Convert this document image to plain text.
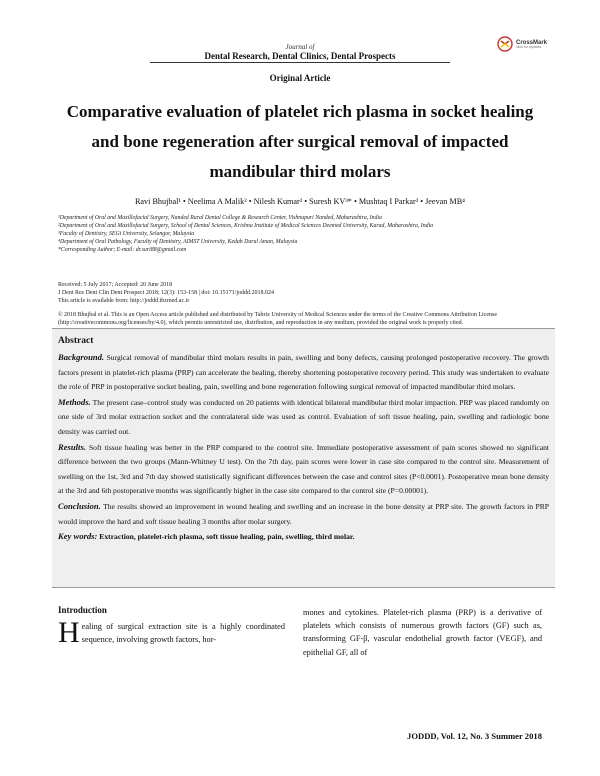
Journal of
Dental Research, Dental Clinics, Dental Prospects
CrossMark
click for updates
Original Article
Comparative evaluation of platelet rich plasma in socket healing
and bone regeneration after surgical removal of impacted
mandibular third molars
Ravi Bhujbal¹ • Neelima A Malik² • Nilesh Kumar² • Suresh KV³* • Mushtaq I Parkar³ • Jeevan MB⁴
¹Department of Oral and Maxillofacial Surgery, Nanded Rural Dental College & Research Center, Vishnupuri Nanded, Maharashtra, India
²Department of Oral and Maxillofacial Surgery, School of Dental Sciences, Krishna Institute of Medical Sciences Deemed University, Karad, Maharashtra, India
³Faculty of Dentistry, SEGi University, Selangor, Malaysia
⁴Department of Oral Pathology, Faculty of Dentistry, AIMST University, Kedah Darul Aman, Malaysia
*Corresponding Author; E-mail: dr.suri88@gmail.com
Received: 5 July 2017; Accepted: 20 June 2018
J Dent Res Dent Clin Dent Prospect 2018; 12(3): 153-158 | doi: 10.15171/joddd.2018.024
This article is available from: http://joddd.tbzmed.ac.ir
© 2018 Bhujbal et al. This is an Open Access article published and distributed by Tabriz University of Medical Sciences under the terms of the Creative Commons Attribution License (http://creativecommons.org/licenses/by/4.0), which permits unrestricted use, distribution, and reproduction in any medium, provided the original work is properly cited.
Abstract

Background. Surgical removal of mandibular third molars results in pain, swelling and bony defects, causing prolonged postoperative recovery. The growth factors present in platelet-rich plasma (PRP) can accelerate the healing, thereby shortening postoperative recovery period. This study was undertaken to evaluate the role of PRP in postoperative socket healing, pain, swelling and bone regeneration following surgical removal of impacted mandibular third molars.

Methods. The present case–control study was conducted on 20 patients with identical bilateral mandibular third molar impaction. PRP was placed randomly on one side of 3rd molar extraction socket and the contralateral side was used as control. Evaluation of soft tissue healing, pain, swelling and radiologic bone density was carried out.

Results. Soft tissue healing was better in the PRP compared to the control site. Immediate postoperative assessment of pain scores showed no significant difference between the two groups (Mann-Whitney U test). On the 7th day, pain scores were lower in case site compared to the control site. Measurement of swelling on the 1st, 3rd and 7th day showed statistically significant differences between the case and control sites (P<0.0001). Postoperative mean bone density at the 3rd and 6th postoperative months was significantly higher in the case site compared to the control site (P=0.00001).

Conclusion. The results showed an improvement in wound healing and swelling and an increase in the bone density at PRP site. The growth factors in PRP would improve the hard and soft tissue healing 3 months after molar surgery.

Key words: Extraction, platelet-rich plasma, soft tissue healing, pain, swelling, third molar.

Introduction
H ealing of surgical extraction site is a highly coordinated sequence, involving growth factors, hor-
mones and cytokines. Platelet-rich plasma (PRP) is a derivative of platelets which consists of numerous growth factors (GF) such as, transforming GF-β, vascular endothelial growth factor (VEGF), and epithelial GF, all of
JODDD, Vol. 12, No. 3 Summer 2018
